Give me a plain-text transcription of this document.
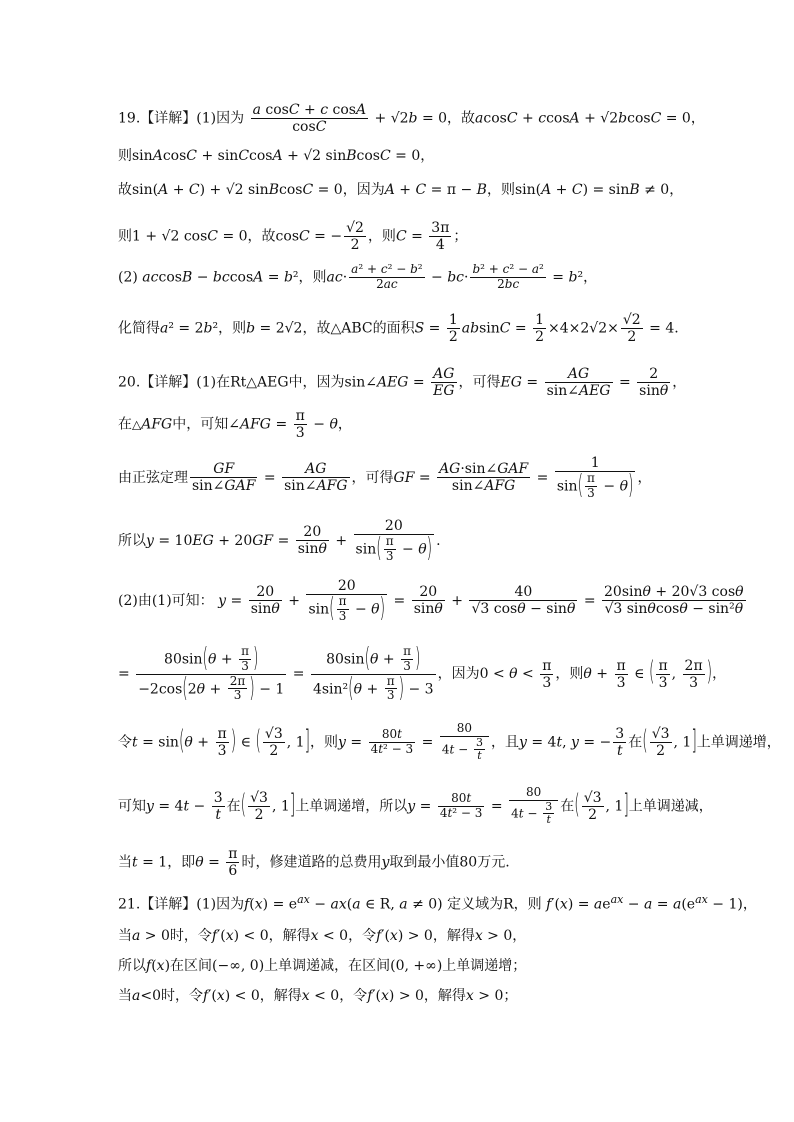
19.【详解】(1)因为 $\frac{\text{a cosC + c cosA}}{\cos C} + √2b = 0$，故acosC + ccosA + √2bcosC = 0，
则sinAcosC + sinCcosA + √2 sinBcosC = 0，
故sin(A + C) + √2 sinBcosC = 0，因为A + C = π − B，则sin(A + C) = sinB ≠ 0，
则1 + √2 cosC = 0，故cosC = − $\frac{√2}{2}$ ，则$C = \frac{3\pi}{4}$ ；
(2) accosB − bccosA = b²，则$ac\cdot \frac{\text{a² + c² − b²}}{2ac} - bc\cdot \frac{\text{b² + c² − a²}}{2bc} = b^2$，
化简得a² = 2b²，则b = 2√2，故△ABC的面积$S = \frac{1}{2}$ $absinC = \frac{1}{2} \times 4\times 2√2\times \frac{√2}{2} = 4$.
20.【详解】(1)在Rt△AEG中，因为sin∠AEG = $\frac{AG}{EG}$ ，可得EG = $\frac{AG}{\text{sin∠AEG}} = \frac{2}{\sin\theta}$ ，
在△AFG中，可知∠AFG = $\frac{\pi}{3} - \theta$，
由正弦定理 $\frac{GF}{\text{sin∠GAF}} = \frac{AG}{\text{sin∠AFG}}$ ，可得GF = $\frac{\text{AG·sin∠GAF}}{\text{sin∠AFG}} = \frac{1}{\sin( \frac{\pi}{3} - \theta)}$ ，
所以$y = 10EG + 20GF = \frac{20}{\sin\theta} + \frac{20}{\sin( \frac{\pi}{3} - \theta)}$ .
(2)由(1)可知： $y = \frac{20}{\sin\theta} + \frac{20}{\sin( \frac{\pi}{3} - \theta)} = \frac{20}{\sin\theta} + \frac{40}{√3 \cos\theta - \sin\theta} = \frac{20\sin\theta + 20√3 \cos\theta}{\text{√3 sinθcosθ − sin²θ}}$
= $\frac{80\sin(\theta + \frac{\pi}{3} )}{-2\cos(2\theta + \frac{2\pi}{3} ) - 1} = \frac{80\sin(\theta + \frac{\pi}{3} )}{4\sin^2(\theta + \frac{\pi}{3} ) - 3}$ ，因为$0 < \theta < \frac{\pi}{3}$ ，则$\theta + \frac{\pi}{3}$ ∈ ( $\frac{\pi}{3}$ , $\frac{2\pi}{3}$ )，
令$t = \sin(\theta + \frac{\pi}{3}$ ) ∈ ( $\frac{√3}{2}$ , 1]，则$y = \frac{80t}{\text{4t² − 3}} = \frac{80}{4t - \frac{3}{t}}$ ，且y = 4t, y = − $\frac{3}{t}$ 在( $\frac{√3}{2}$ , 1]上单调递增，
可知$y = 4t - \frac{3}{t}$ 在( $\frac{√3}{2}$ , 1]上单调递增，所以$y = \frac{80t}{\text{4t² − 3}} = \frac{80}{4t - \frac{3}{t}}$ 在( $\frac{√3}{2}$ , 1]上单调递减，
当t = 1，即$\theta = \frac{\pi}{6}$ 时，修建道路的总费用y取到最小值80万元.
21.【详解】(1)因为$f(x) = e^{ax} - ax(a$ ∈ R, a ≠ 0) 定义域为R，则 $f'(x) = ae^{ax} - a = a(e^{ax} - 1)$，
当a > 0时，令f′(x) < 0，解得x < 0，令f′(x) > 0，解得x > 0，
所以f(x)在区间(−∞, 0)上单调递减，在区间(0, +∞)上单调递增；
当a<0时，令f′(x) < 0，解得x < 0，令f′(x) > 0，解得x > 0；
